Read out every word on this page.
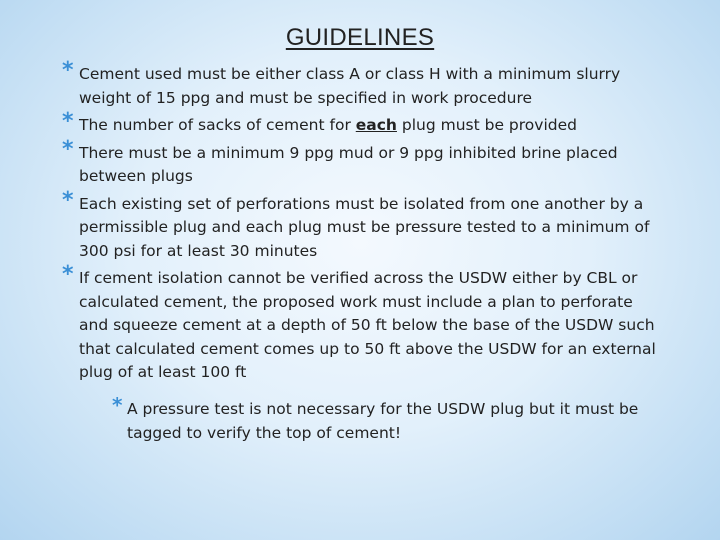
GUIDELINES
* Cement used must be either class A or class H with a minimum slurry weight of 15 ppg and must be specified in work procedure
* The number of sacks of cement for each plug must be provided
* There must be a minimum 9 ppg mud or 9 ppg inhibited brine placed between plugs
* Each existing set of perforations must be isolated from one another by a permissible plug and each plug must be pressure tested to a minimum of 300 psi for at least 30 minutes
* If cement isolation cannot be verified across the USDW either by CBL or calculated cement, the proposed work must include a plan to perforate and squeeze cement at a depth of 50 ft below the base of the USDW such that calculated cement comes up to 50 ft above the USDW for an external plug of at least 100 ft
* A pressure test is not necessary for the USDW plug but it must be tagged to verify the top of cement!
